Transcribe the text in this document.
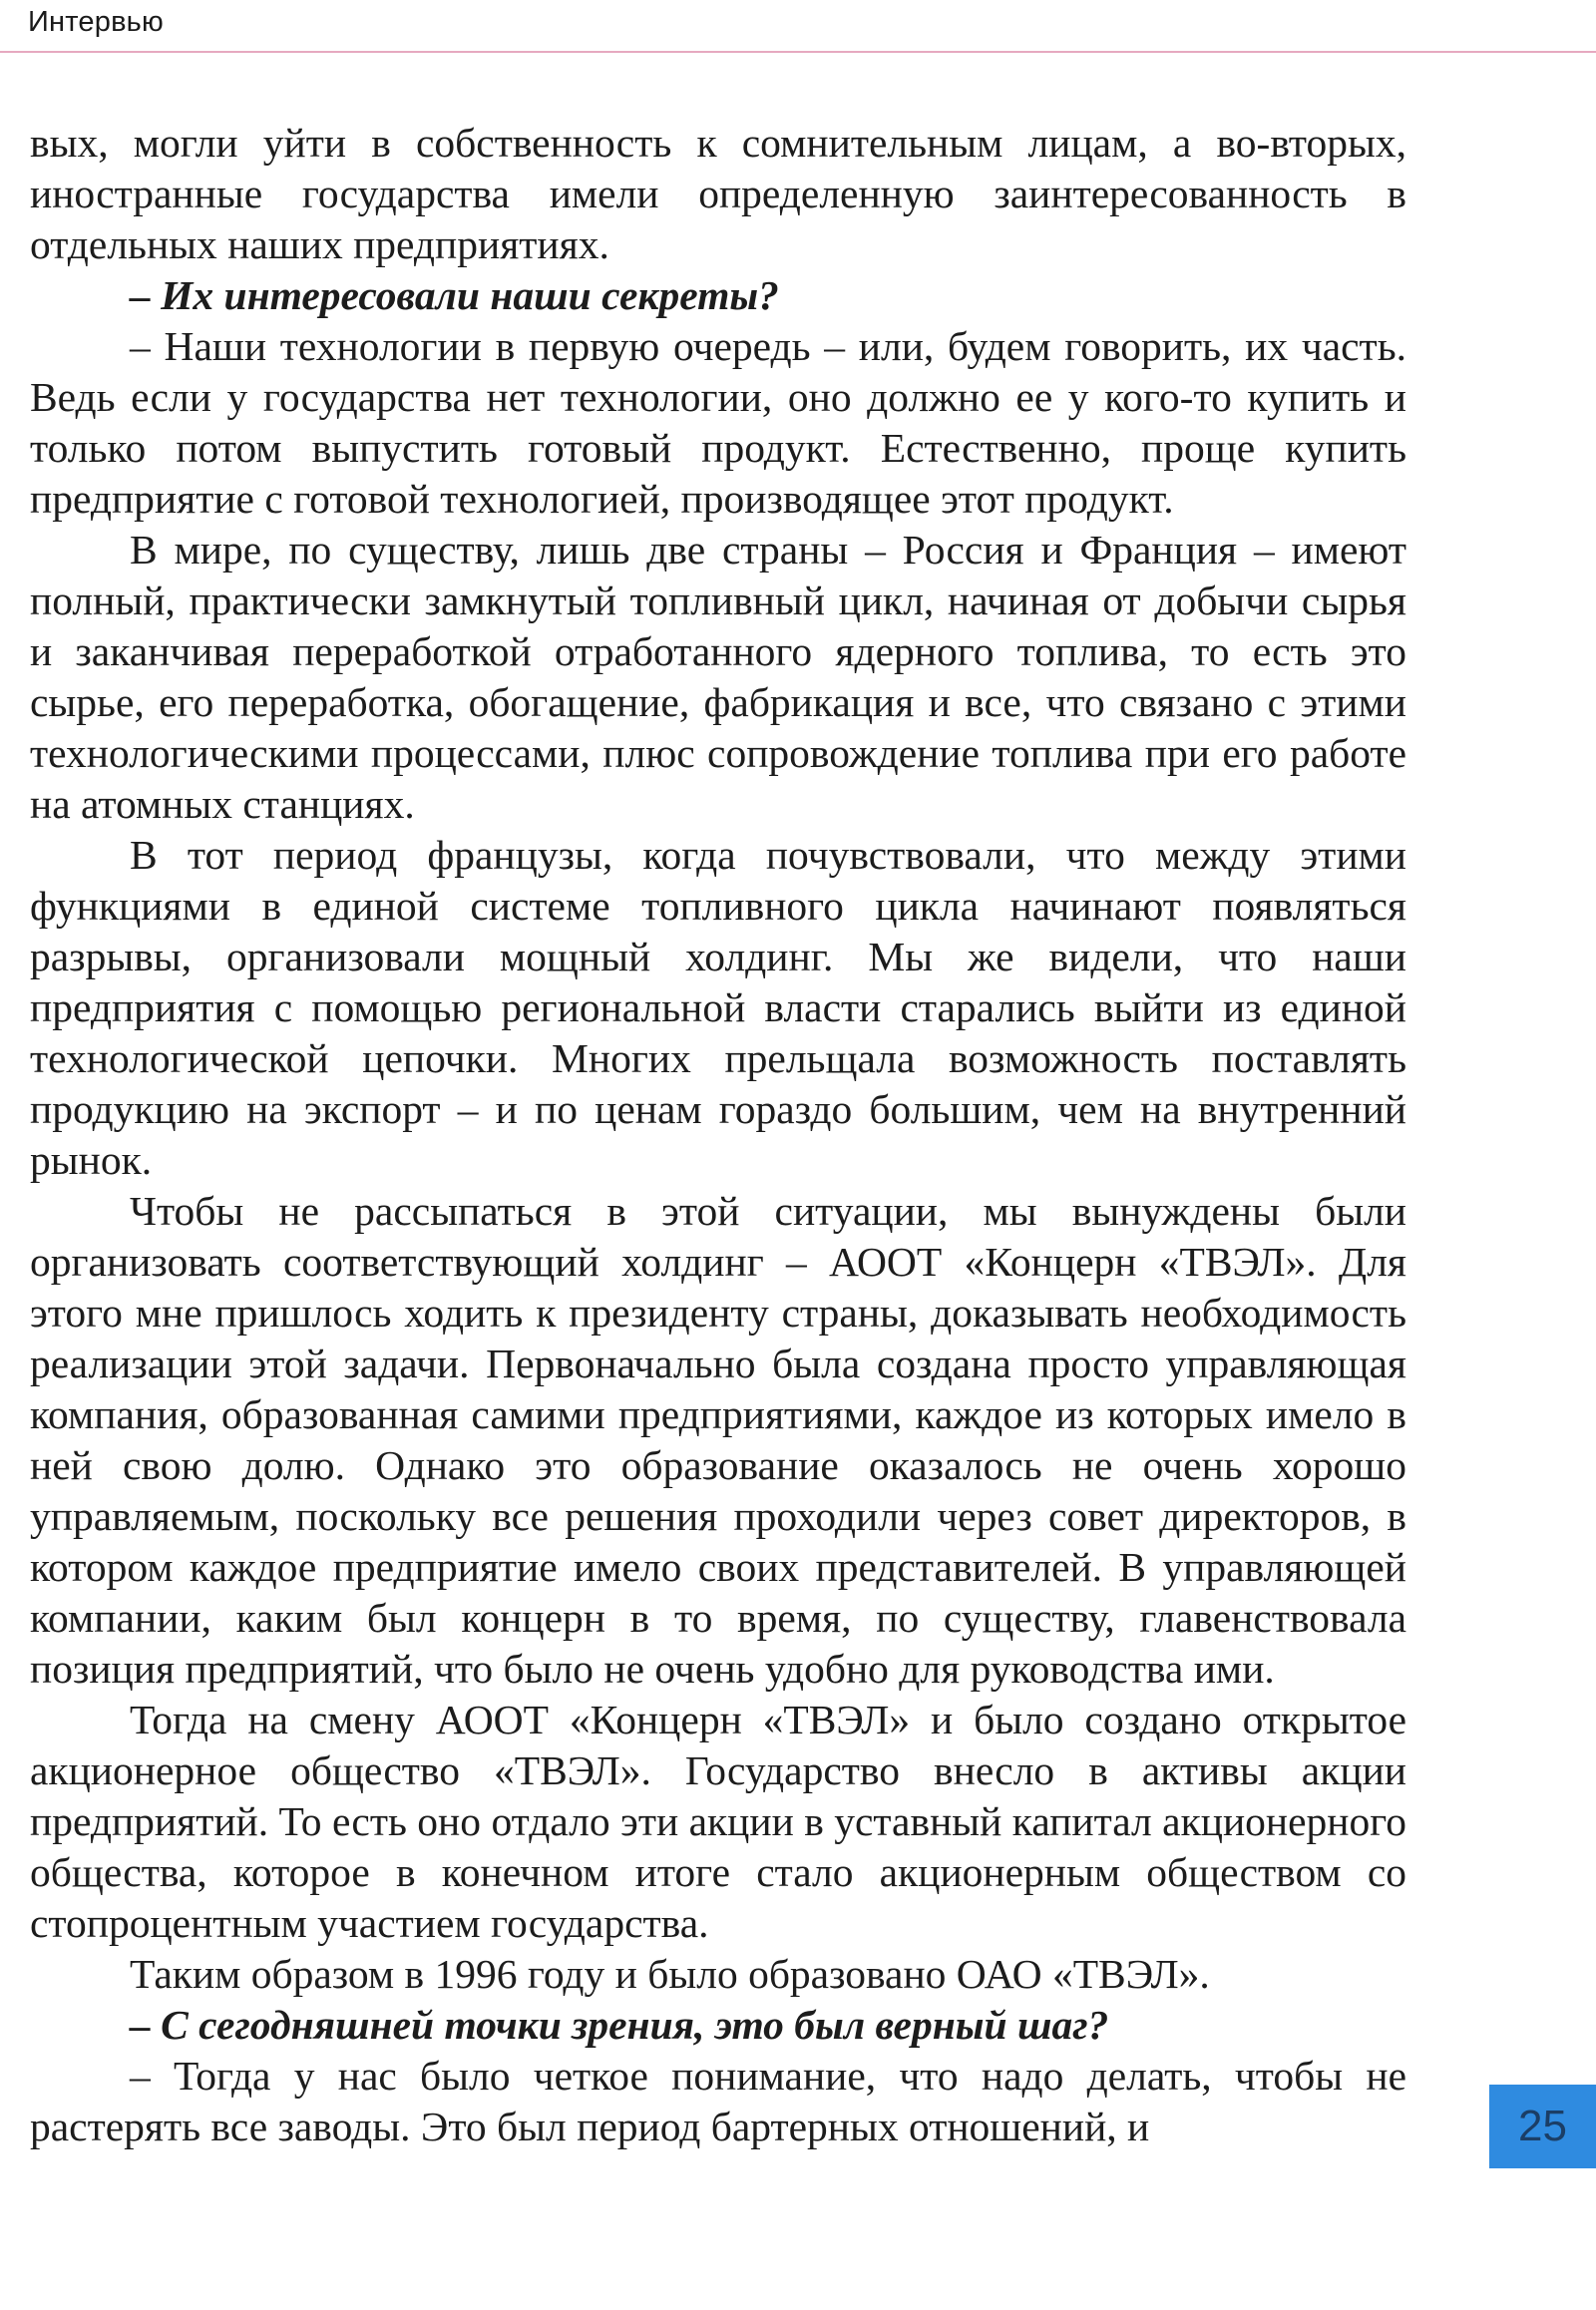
Интервью

вых, могли уйти в собственность к сомнительным лицам, а во-вторых, иностранные государства имели определенную заинтересованность в отдельных наших предприятиях.

– Их интересовали наши секреты?

– Наши технологии в первую очередь – или, будем говорить, их часть. Ведь если у государства нет технологии, оно должно ее у кого-то купить и только потом выпустить готовый продукт. Естественно, проще купить предприятие с готовой технологией, производящее этот продукт.

В мире, по существу, лишь две страны – Россия и Франция – имеют полный, практически замкнутый топливный цикл, начиная от добычи сырья и заканчивая переработкой отработанного ядерного топлива, то есть это сырье, его переработка, обогащение, фабрикация и все, что связано с этими технологическими процессами, плюс сопровождение топлива при его работе на атомных станциях.

В тот период французы, когда почувствовали, что между этими функциями в единой системе топливного цикла начинают появляться разрывы, организовали мощный холдинг. Мы же видели, что наши предприятия с помощью региональной власти старались выйти из единой технологической цепочки. Многих прельщала возможность поставлять продукцию на экспорт – и по ценам гораздо большим, чем на внутренний рынок.

Чтобы не рассыпаться в этой ситуации, мы вынуждены были организовать соответствующий холдинг – АООТ «Концерн «ТВЭЛ». Для этого мне пришлось ходить к президенту страны, доказывать необходимость реализации этой задачи. Первоначально была создана просто управляющая компания, образованная самими предприятиями, каждое из которых имело в ней свою долю. Однако это образование оказалось не очень хорошо управляемым, поскольку все решения проходили через совет директоров, в котором каждое предприятие имело своих представителей. В управляющей компании, каким был концерн в то время, по существу, главенствовала позиция предприятий, что было не очень удобно для руководства ими.

Тогда на смену АООТ «Концерн «ТВЭЛ» и было создано открытое акционерное общество «ТВЭЛ». Государство внесло в активы акции предприятий. То есть оно отдало эти акции в уставный капитал акционерного общества, которое в конечном итоге стало акционерным обществом со стопроцентным участием государства.

Таким образом в 1996 году и было образовано ОАО «ТВЭЛ».

– С сегодняшней точки зрения, это был верный шаг?

– Тогда у нас было четкое понимание, что надо делать, чтобы не растерять все заводы. Это был период бартерных отношений, и	25
